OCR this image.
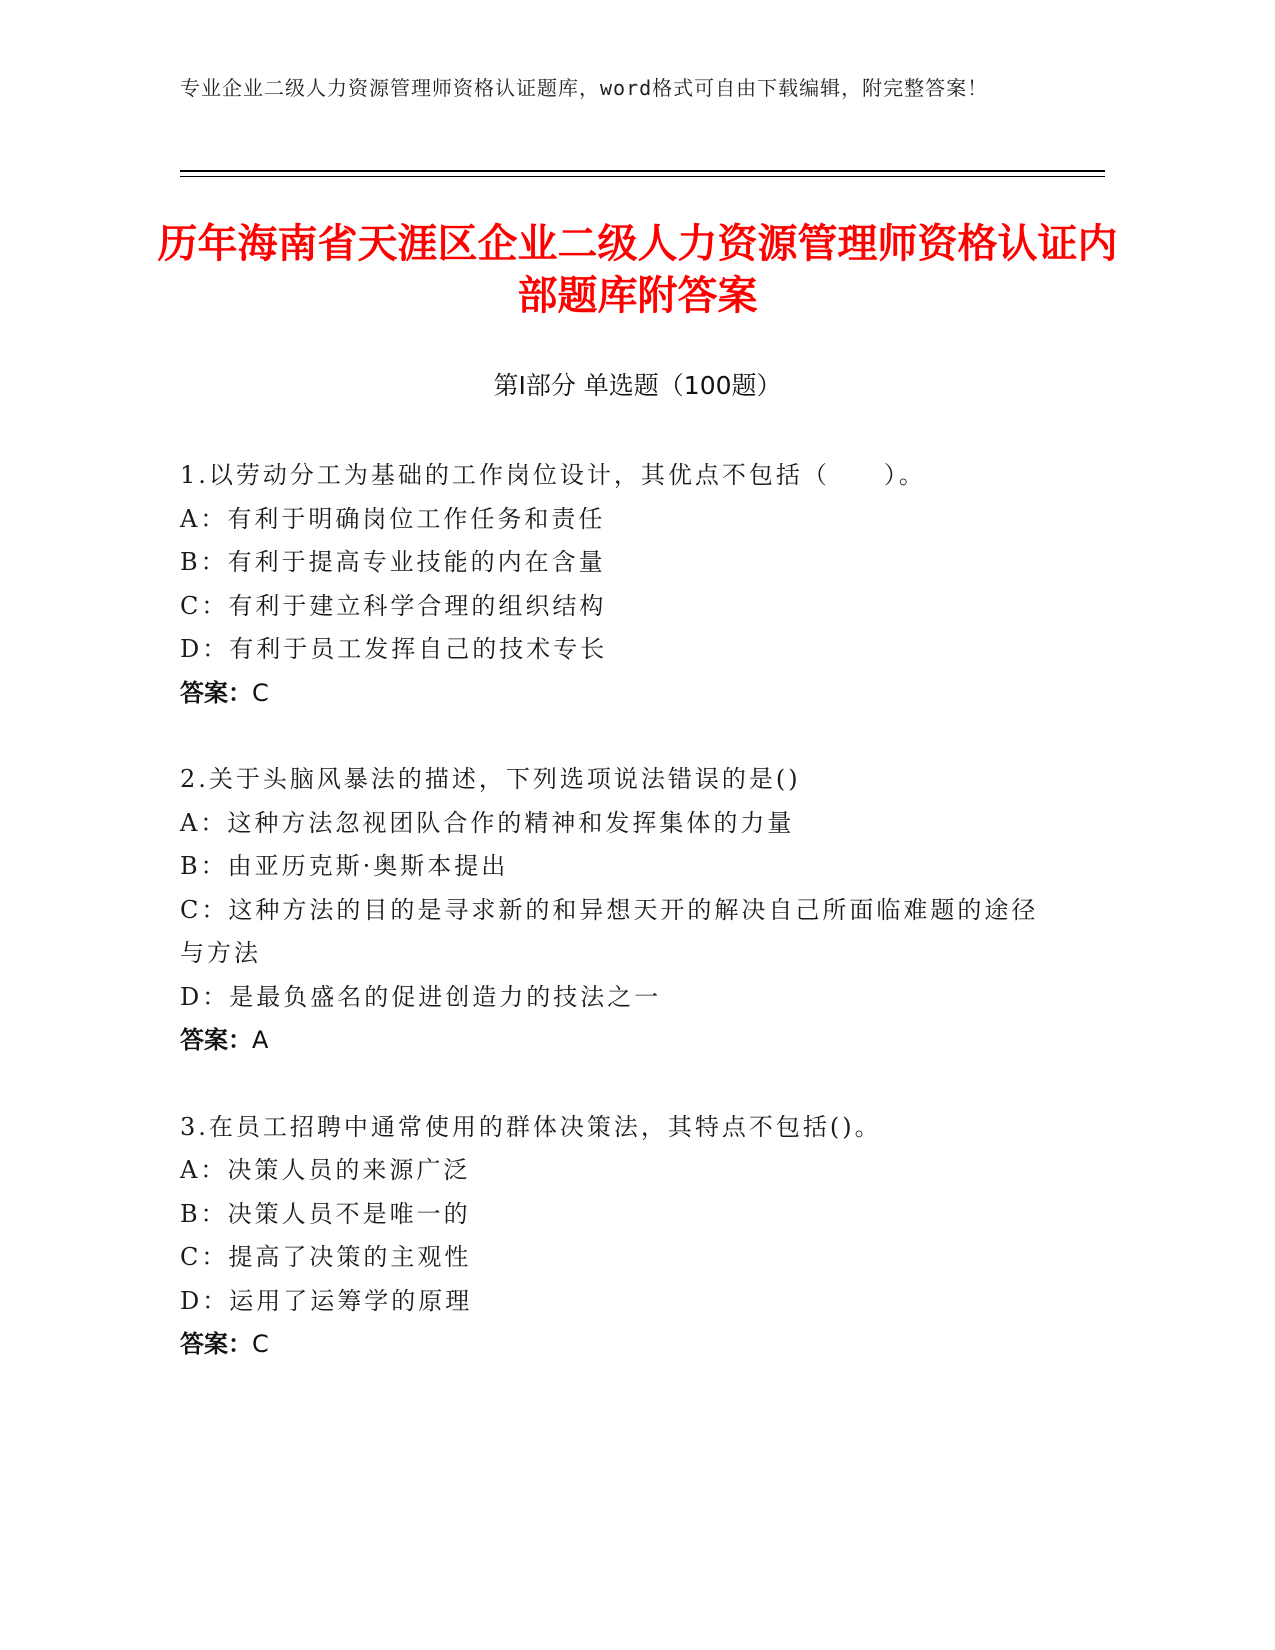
专业企业二级人力资源管理师资格认证题库，word格式可自由下载编辑，附完整答案！
历年海南省天涯区企业二级人力资源管理师资格认证内部题库附答案
第Ⅰ部分 单选题（100题）
1.以劳动分工为基础的工作岗位设计，其优点不包括（　　）。
A：有利于明确岗位工作任务和责任
B：有利于提高专业技能的内在含量
C：有利于建立科学合理的组织结构
D：有利于员工发挥自己的技术专长
答案：C
2.关于头脑风暴法的描述，下列选项说法错误的是()
A：这种方法忽视团队合作的精神和发挥集体的力量
B：由亚历克斯·奥斯本提出
C：这种方法的目的是寻求新的和异想天开的解决自己所面临难题的途径与方法
D：是最负盛名的促进创造力的技法之一
答案：A
3.在员工招聘中通常使用的群体决策法，其特点不包括()。
A：决策人员的来源广泛
B：决策人员不是唯一的
C：提高了决策的主观性
D：运用了运筹学的原理
答案：C
